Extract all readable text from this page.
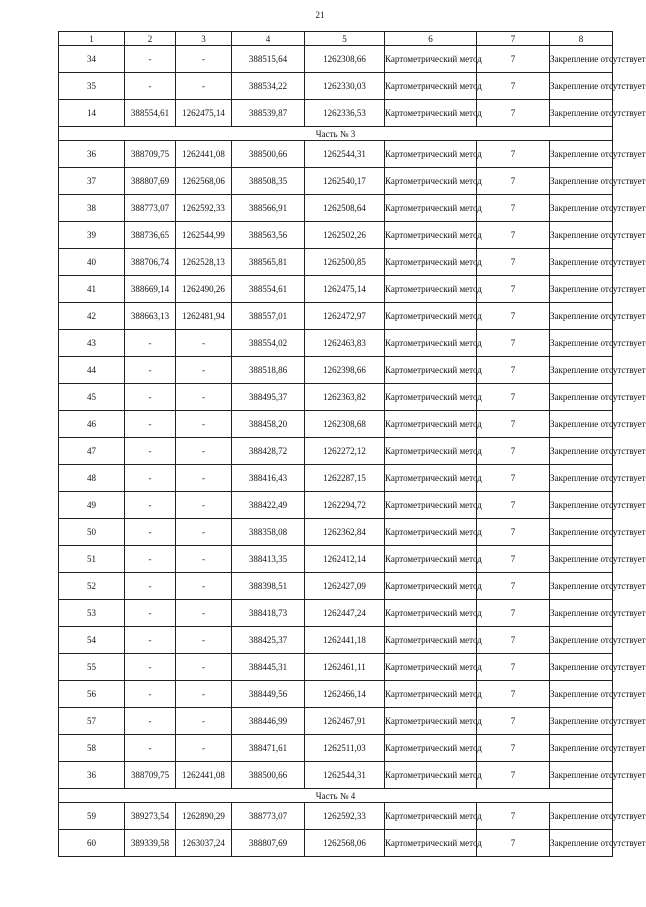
21
1	2	3	4	5	6	7	8
34	-	-	388515,64	1262308,66	Картометрический метод	7	Закрепление отсутствует
35	-	-	388534,22	1262330,03	Картометрический метод	7	Закрепление отсутствует
14	388554,61	1262475,14	388539,87	1262336,53	Картометрический метод	7	Закрепление отсутствует
Часть № 3							
36	388709,75	1262441,08	388500,66	1262544,31	Картометрический метод	7	Закрепление отсутствует
37	388807,69	1262568,06	388508,35	1262540,17	Картометрический метод	7	Закрепление отсутствует
38	388773,07	1262592,33	388566,91	1262508,64	Картометрический метод	7	Закрепление отсутствует
39	388736,65	1262544,99	388563,56	1262502,26	Картометрический метод	7	Закрепление отсутствует
40	388706,74	1262528,13	388565,81	1262500,85	Картометрический метод	7	Закрепление отсутствует
41	388669,14	1262490,26	388554,61	1262475,14	Картометрический метод	7	Закрепление отсутствует
42	388663,13	1262481,94	388557,01	1262472,97	Картометрический метод	7	Закрепление отсутствует
43	-	-	388554,02	1262463,83	Картометрический метод	7	Закрепление отсутствует
44	-	-	388518,86	1262398,66	Картометрический метод	7	Закрепление отсутствует
45	-	-	388495,37	1262363,82	Картометрический метод	7	Закрепление отсутствует
46	-	-	388458,20	1262308,68	Картометрический метод	7	Закрепление отсутствует
47	-	-	388428,72	1262272,12	Картометрический метод	7	Закрепление отсутствует
48	-	-	388416,43	1262287,15	Картометрический метод	7	Закрепление отсутствует
49	-	-	388422,49	1262294,72	Картометрический метод	7	Закрепление отсутствует
50	-	-	388358,08	1262362,84	Картометрический метод	7	Закрепление отсутствует
51	-	-	388413,35	1262412,14	Картометрический метод	7	Закрепление отсутствует
52	-	-	388398,51	1262427,09	Картометрический метод	7	Закрепление отсутствует
53	-	-	388418,73	1262447,24	Картометрический метод	7	Закрепление отсутствует
54	-	-	388425,37	1262441,18	Картометрический метод	7	Закрепление отсутствует
55	-	-	388445,31	1262461,11	Картометрический метод	7	Закрепление отсутствует
56	-	-	388449,56	1262466,14	Картометрический метод	7	Закрепление отсутствует
57	-	-	388446,99	1262467,91	Картометрический метод	7	Закрепление отсутствует
58	-	-	388471,61	1262511,03	Картометрический метод	7	Закрепление отсутствует
36	388709,75	1262441,08	388500,66	1262544,31	Картометрический метод	7	Закрепление отсутствует
Часть № 4							
59	389273,54	1262890,29	388773,07	1262592,33	Картометрический метод	7	Закрепление отсутствует
60	389339,58	1263037,24	388807,69	1262568,06	Картометрический метод	7	Закрепление отсутствует
